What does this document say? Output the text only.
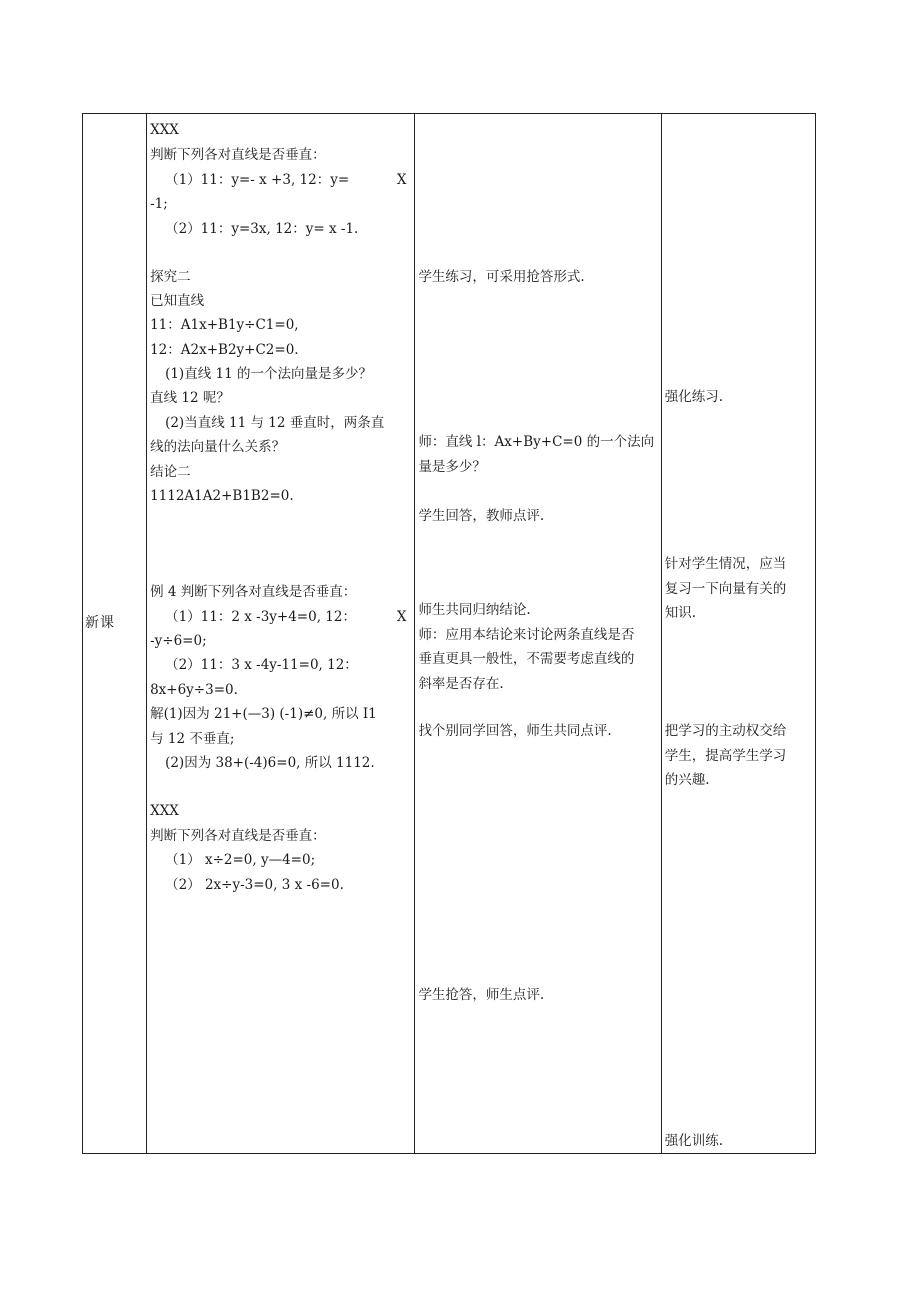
新课

XXX
判断下列各对直线是否垂直：
（1）11：y=- x +3, 12：y=	X
-1;
（2）11：y=3x, 12：y= x -1.
探究二
已知直线
11：A1x+B1y÷C1=0,
12：A2x+B2y+C2=0.
(1)直线 11 的一个法向量是多少？
直线 12 呢？
(2)当直线 11 与 12 垂直时，两条直
线的法向量什么关系？
结论二
1112A1A2+B1B2=0.
例 4 判断下列各对直线是否垂直：
（1）11：2 x -3y+4=0, 12：	X
-y÷6=0;
（2）11：3 x -4y-11=0, 12：
8x+6y÷3=0.
解(1)因为 21+(—3) (-1)≠0, 所以 I1
与 12 不垂直;
(2)因为 38+(-4)6=0, 所以 1112.
XXX
判断下列各对直线是否垂直：
（1） x÷2=0, y—4=0;
（2） 2x÷y-3=0, 3 x -6=0.

学生练习，可采用抢答形式.
师：直线 l：Ax+By+C=0 的一个法向
量是多少？
学生回答，教师点评.
师生共同归纳结论.
师：应用本结论来讨论两条直线是否
垂直更具一般性，不需要考虑直线的
斜率是否存在.
找个别同学回答，师生共同点评.
学生抢答，师生点评.

强化练习.
针对学生情况，应当
复习一下向量有关的
知识.
把学习的主动权交给
学生，提高学生学习
的兴趣.
强化训练.
